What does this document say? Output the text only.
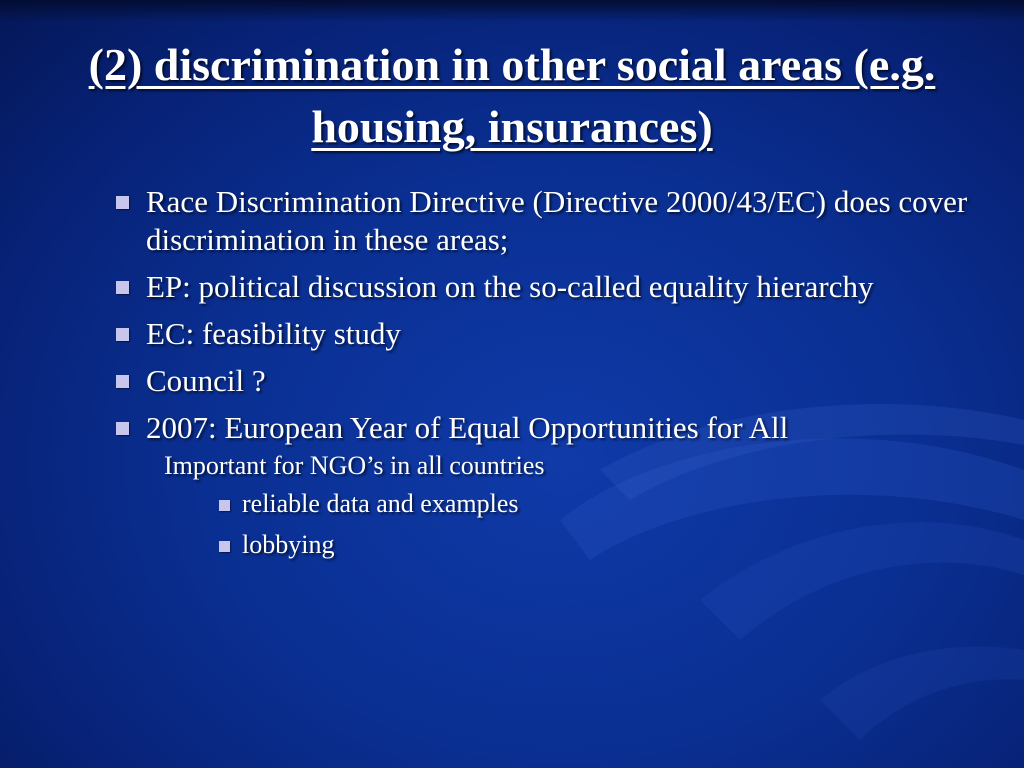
(2) discrimination in other social areas (e.g. housing, insurances)
Race Discrimination Directive (Directive 2000/43/EC) does cover discrimination in these areas;
EP: political discussion on the so-called equality hierarchy
EC: feasibility study
Council ?
2007: European Year of Equal Opportunities for All
Important for NGO’s in all countries
reliable data and examples
lobbying
